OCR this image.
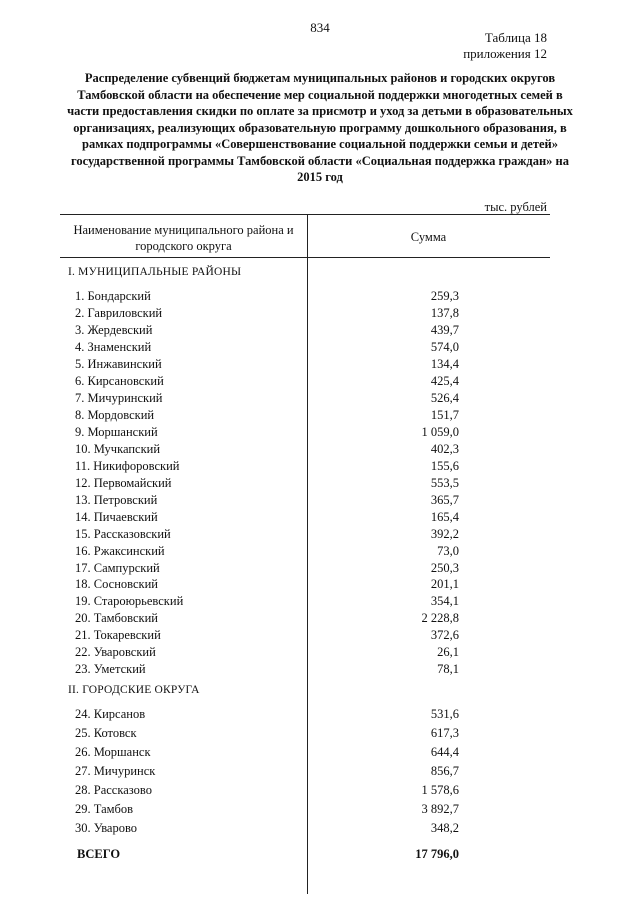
834
Таблица 18
приложения 12
Распределение субвенций бюджетам муниципальных районов и городских округов Тамбовской области на обеспечение мер социальной поддержки многодетных семей в части предоставления скидки по оплате за присмотр и уход за детьми в образовательных организациях, реализующих образовательную программу дошкольного образования, в рамках подпрограммы «Совершенствование социальной поддержки семьи и детей» государственной программы Тамбовской области «Социальная поддержка граждан» на 2015 год
тыс. рублей
Наименование муниципального района и
городского округа
Сумма
I. МУНИЦИПАЛЬНЫЕ РАЙОНЫ
1. Бондарский	259,3
2. Гавриловский	137,8
3. Жердевский	439,7
4. Знаменский	574,0
5. Инжавинский	134,4
6. Кирсановский	425,4
7. Мичуринский	526,4
8. Мордовский	151,7
9. Моршанский	1 059,0
10. Мучкапский	402,3
11. Никифоровский	155,6
12. Первомайский	553,5
13. Петровский	365,7
14. Пичаевский	165,4
15. Рассказовский	392,2
16. Ржаксинский	73,0
17. Сампурский	250,3
18. Сосновский	201,1
19. Староюрьевский	354,1
20. Тамбовский	2 228,8
21. Токаревский	372,6
22. Уваровский	26,1
23. Уметский	78,1
II. ГОРОДСКИЕ ОКРУГА
24. Кирсанов	531,6
25. Котовск	617,3
26. Моршанск	644,4
27. Мичуринск	856,7
28. Рассказово	1 578,6
29. Тамбов	3 892,7
30. Уварово	348,2
ВСЕГО	17 796,0
